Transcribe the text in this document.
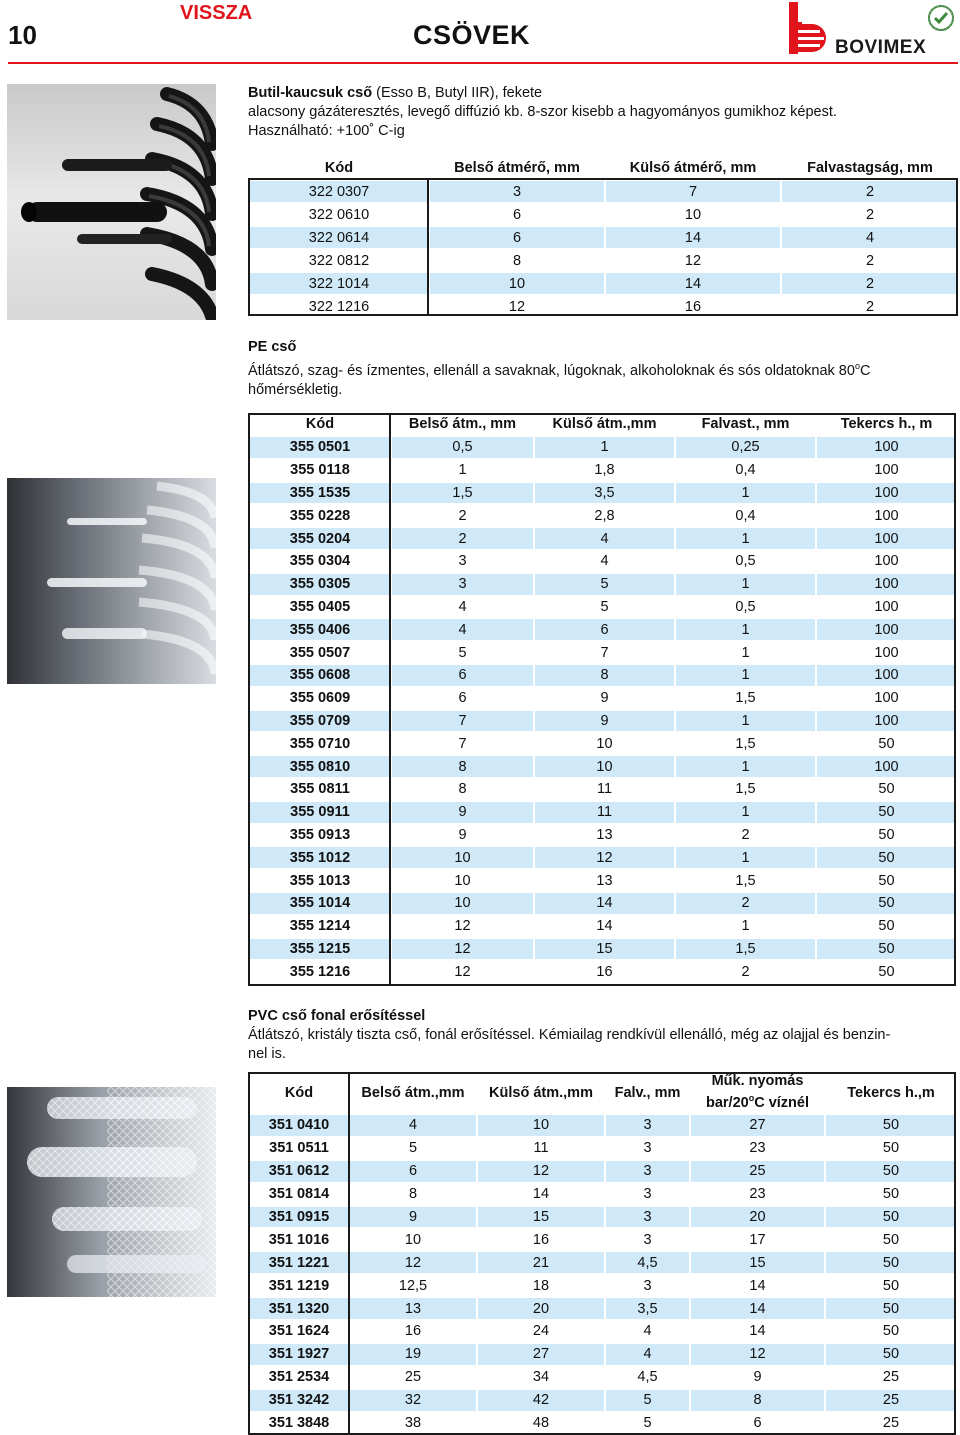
10
VISSZA
CSÖVEK	BOVIMEX
Butil-kaucsuk cső (Esso B, Butyl IIR), fekete
alacsony gázáteresztés, levegő diffúzió kb. 8-szor kisebb a hagyományos gumikhoz képest.
Használható: +100˚ C-ig
Kód	Belső átmérő, mm	Külső átmérő, mm	Falvastagság, mm
322 0307	3	7	2
322 0610	6	10	2
322 0614	6	14	4
322 0812	8	12	2
322 1014	10	14	2
322 1216	12	16	2
PE cső
Átlátszó, szag- és ízmentes, ellenáll a savaknak, lúgoknak, alkoholoknak és sós oldatoknak 80$^o$C
hőmérsékletig.
Kód	Belső átm., mm	Külső átm.,mm	Falvast., mm	Tekercs h., m
355 0501	0,5	1	0,25	100
355 0118	1	1,8	0,4	100
355 1535	1,5	3,5	1	100
355 0228	2	2,8	0,4	100
355 0204	2	4	1	100
355 0304	3	4	0,5	100
355 0305	3	5	1	100
355 0405	4	5	0,5	100
355 0406	4	6	1	100
355 0507	5	7	1	100
355 0608	6	8	1	100
355 0609	6	9	1,5	100
355 0709	7	9	1	100
355 0710	7	10	1,5	50
355 0810	8	10	1	100
355 0811	8	11	1,5	50
355 0911	9	11	1	50
355 0913	9	13	2	50
355 1012	10	12	1	50
355 1013	10	13	1,5	50
355 1014	10	14	2	50
355 1214	12	14	1	50
355 1215	12	15	1,5	50
355 1216	12	16	2	50
PVC cső fonal erősítéssel
Átlátszó, kristály tiszta cső, fonál erősítéssel. Kémiailag rendkívül ellenálló, még az olajjal és benzin-
nel is.
Kód	Belső átm.,mm	Külső átm.,mm	Falv., mm	Műk. nyomás
bar/20$^o$C víznél	Tekercs h.,m
351 0410	4	10	3	27	50
351 0511	5	11	3	23	50
351 0612	6	12	3	25	50
351 0814	8	14	3	23	50
351 0915	9	15	3	20	50
351 1016	10	16	3	17	50
351 1221	12	21	4,5	15	50
351 1219	12,5	18	3	14	50
351 1320	13	20	3,5	14	50
351 1624	16	24	4	14	50
351 1927	19	27	4	12	50
351 2534	25	34	4,5	9	25
351 3242	32	42	5	8	25
351 3848	38	48	5	6	25
